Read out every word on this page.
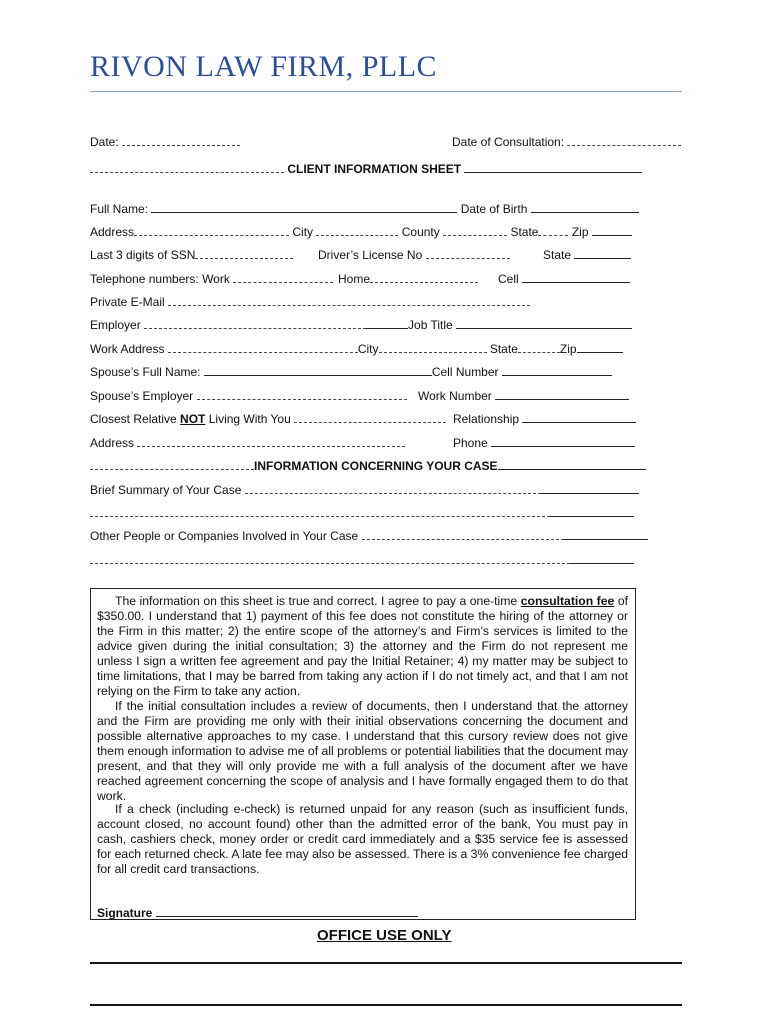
RIVON LAW FIRM, PLLC
Date:	Date of Consultation:
CLIENT INFORMATION SHEET
Full Name:	Date of Birth
Address	City	County	State	Zip
Last 3 digits of SSN	Driver’s License No	State
Telephone numbers: Work	Home	Cell
Private E-Mail
Employer	Job Title
Work Address	City	State	Zip
Spouse’s Full Name:	Cell Number
Spouse’s Employer	Work Number
Closest Relative NOT Living With You	Relationship
Address	Phone
INFORMATION CONCERNING YOUR CASE
Brief Summary of Your Case
Other People or Companies Involved in Your Case
The information on this sheet is true and correct. I agree to pay a one-time consultation fee of $350.00. I understand that 1) payment of this fee does not constitute the hiring of the attorney or the Firm in this matter; 2) the entire scope of the attorney’s and Firm’s services is limited to the advice given during the initial consultation; 3) the attorney and the Firm do not represent me unless I sign a written fee agreement and pay the Initial Retainer; 4) my matter may be subject to time limitations, that I may be barred from taking any action if I do not timely act, and that I am not relying on the Firm to take any action.
If the initial consultation includes a review of documents, then I understand that the attorney and the Firm are providing me only with their initial observations concerning the document and possible alternative approaches to my case. I understand that this cursory review does not give them enough information to advise me of all problems or potential liabilities that the document may present, and that they will only provide me with a full analysis of the document after we have reached agreement concerning the scope of analysis and I have formally engaged them to do that work.
If a check (including e-check) is returned unpaid for any reason (such as insufficient funds, account closed, no account found) other than the admitted error of the bank, You must pay in cash, cashiers check, money order or credit card immediately and a $35 service fee is assessed for each returned check. A late fee may also be assessed. There is a 3% convenience fee charged for all credit card transactions.
Signature
OFFICE USE ONLY
